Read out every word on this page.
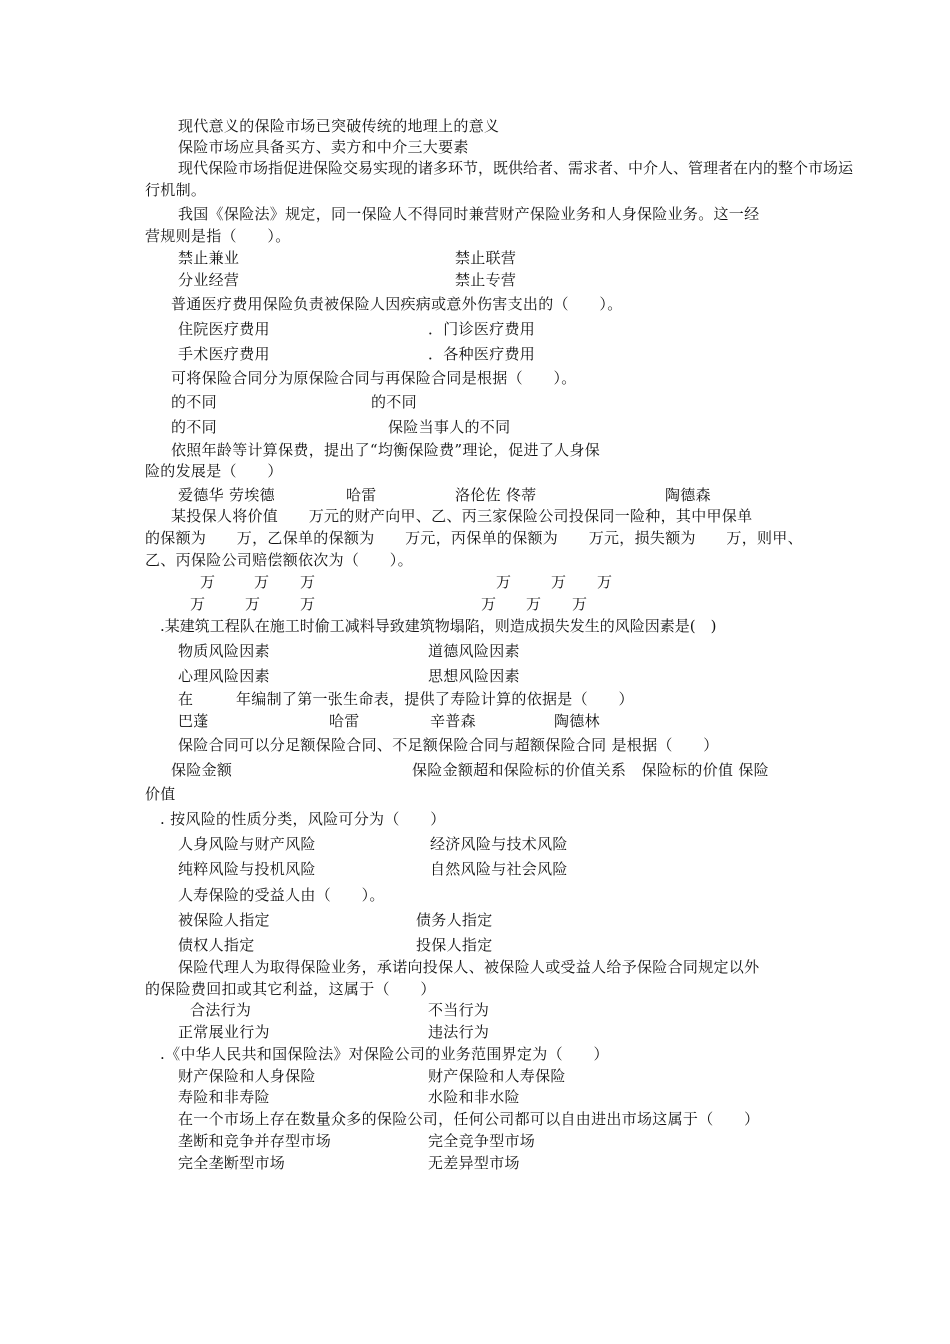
现代意义的保险市场已突破传统的地理上的意义
保险市场应具备买方、卖方和中介三大要素
现代保险市场指促进保险交易实现的诸多环节，既供给者、需求者、中介人、管理者在内的整个市场运
行机制。
我国《保险法》规定，同一保险人不得同时兼营财产保险业务和人身保险业务。这一经
营规则是指（　　）。
禁止兼业	禁止联营
分业经营	禁止专营
普通医疗费用保险负责被保险人因疾病或意外伤害支出的（　　）。
住院医疗费用	．门诊医疗费用
手术医疗费用	．各种医疗费用
可将保险合同分为原保险合同与再保险合同是根据（　　）。
的不同	的不同
的不同	保险当事人的不同
依照年龄等计算保费，提出了“均衡保险费”理论，促进了人身保
险的发展是（　　）
爱德华 劳埃德	哈雷	洛伦佐 佟蒂	陶德森
某投保人将价值　　万元的财产向甲、乙、丙三家保险公司投保同一险种，其中甲保单
的保额为　　万，乙保单的保额为　　万元，丙保单的保额为　　万元，损失额为　　万，则甲、
乙、丙保险公司赔偿额依次为（　　）。
万	万 万	万	万 万
万	万	万	万 万 万
.某建筑工程队在施工时偷工减料导致建筑物塌陷，则造成损失发生的风险因素是(　)
物质风险因素	道德风险因素
心理风险因素	思想风险因素
在	年编制了第一张生命表，提供了寿险计算的依据是（　　）
巴蓬	哈雷	辛普森	陶德林
保险合同可以分足额保险合同、不足额保险合同与超额保险合同 是根据（　　）
保险金额	保险金额超和保险标的价值关系　保险标的价值 保险
价值
. 按风险的性质分类，风险可分为（　　）
人身风险与财产风险	经济风险与技术风险
纯粹风险与投机风险	自然风险与社会风险
人寿保险的受益人由（　　）。
被保险人指定	债务人指定
债权人指定	投保人指定
保险代理人为取得保险业务，承诺向投保人、被保险人或受益人给予保险合同规定以外
的保险费回扣或其它利益，这属于（　　）
合法行为	不当行为
正常展业行为	违法行为
.《中华人民共和国保险法》对保险公司的业务范围界定为（　　）
财产保险和人身保险	财产保险和人寿保险
寿险和非寿险	水险和非水险
在一个市场上存在数量众多的保险公司，任何公司都可以自由进出市场这属于（　　）
垄断和竞争并存型市场	完全竞争型市场
完全垄断型市场	无差异型市场
